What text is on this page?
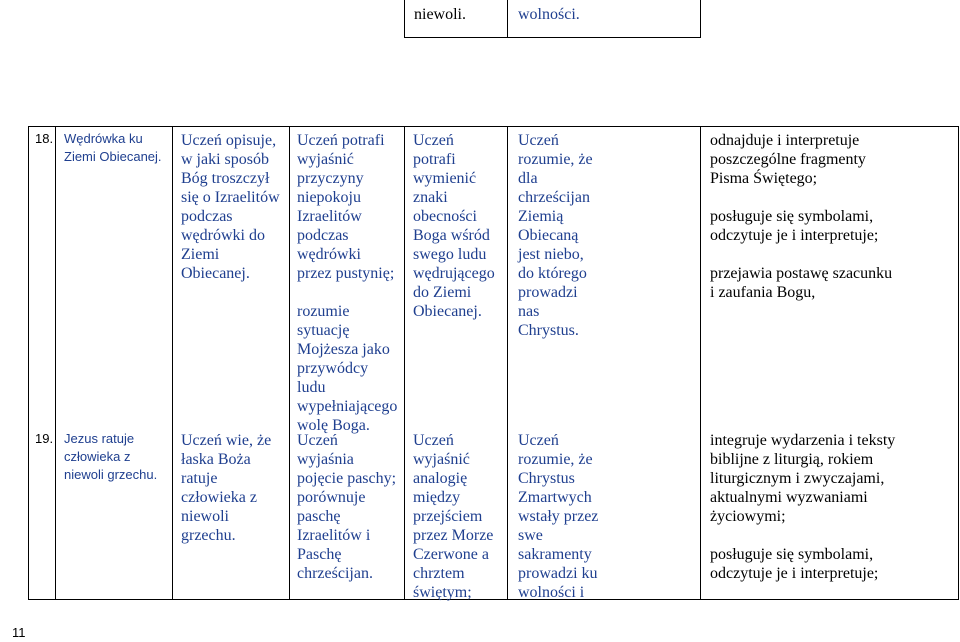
niewoli.	wolności.

18. Wędrówka ku
Ziemi Obiecanej.

Uczeń opisuje,
w jaki sposób
Bóg troszczył
się o Izraelitów
podczas
wędrówki do
Ziemi
Obiecanej.

Uczeń potrafi
wyjaśnić
przyczyny
niepokoju
Izraelitów
podczas
wędrówki
przez pustynię;

rozumie
sytuację
Mojżesza jako
przywódcy
ludu
wypełniającego
wolę Boga.

Uczeń
potrafi
wymienić
znaki
obecności
Boga wśród
swego ludu
wędrującego
do Ziemi
Obiecanej.

Uczeń
rozumie, że
dla
chrześcijan
Ziemią
Obiecaną
jest niebo,
do którego
prowadzi
nas
Chrystus.

odnajduje i interpretuje
poszczególne fragmenty
Pisma Świętego;

posługuje się symbolami,
odczytuje je i interpretuje;

przejawia postawę szacunku
i zaufania Bogu,

19. Jezus ratuje
człowieka z
niewoli grzechu.

Uczeń wie, że
łaska Boża
ratuje
człowieka z
niewoli
grzechu.

Uczeń
wyjaśnia
pojęcie paschy;
porównuje
paschę
Izraelitów i
Paschę
chrześcijan.

Uczeń
wyjaśnić
analogię
między
przejściem
przez Morze
Czerwone a
chrztem
świętym;

Uczeń
rozumie, że
Chrystus
Zmartwych
wstały przez
swe
sakramenty
prowadzi ku
wolności i

integruje wydarzenia i teksty
biblijne z liturgią, rokiem
liturgicznym i zwyczajami,
aktualnymi wyzwaniami
życiowymi;

posługuje się symbolami,
odczytuje je i interpretuje;

11
